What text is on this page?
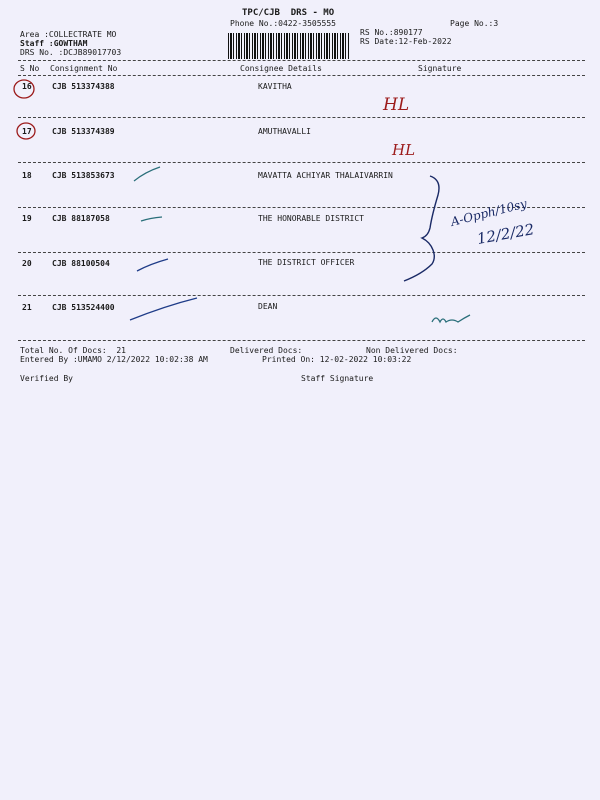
TPC/CJB  DRS - MO
Phone No.:0422-3505555	Page No.:3
Area :COLLECTRATE MO
Staff :GOWTHAM
DRS No. :DCJB89017703
RS No.:890177
RS Date:12-Feb-2022
S No Consignment No	Consignee Details	Signature
16	CJB 513374388	KAVITHA
17	CJB 513374389	AMUTHAVALLI
18	CJB 513853673	MAVATTA ACHIYAR THALAIVARRIN
19	CJB 88187058	THE HONORABLE DISTRICT
20	CJB 88100504	THE DISTRICT OFFICER
21	CJB 513524400	DEAN
Total No. Of Docs:  21	Delivered Docs:	Non Delivered Docs:
Entered By :UMAMO 2/12/2022 10:02:38 AM	Printed On: 12-02-2022 10:03:22
Verified By	Staff Signature
HL
HL
A-Opph/10sy
12/2/22
